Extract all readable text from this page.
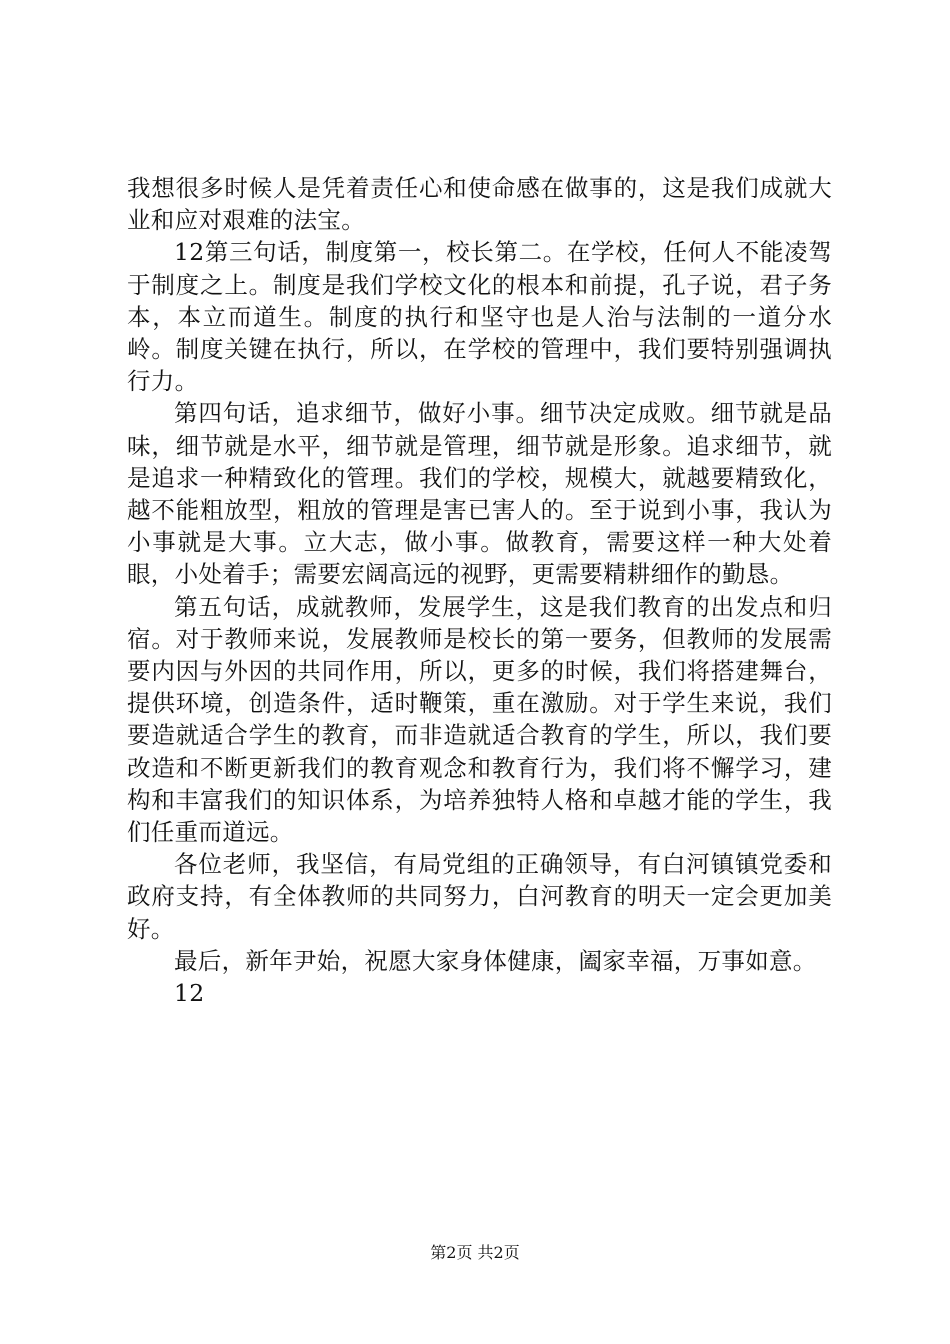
我想很多时候人是凭着责任心和使命感在做事的，这是我们成就大业和应对艰难的法宝。

12第三句话，制度第一，校长第二。在学校，任何人不能凌驾于制度之上。制度是我们学校文化的根本和前提，孔子说，君子务本，本立而道生。制度的执行和坚守也是人治与法制的一道分水岭。制度关键在执行，所以，在学校的管理中，我们要特别强调执行力。

第四句话，追求细节，做好小事。细节决定成败。细节就是品味，细节就是水平，细节就是管理，细节就是形象。追求细节，就是追求一种精致化的管理。我们的学校，规模大，就越要精致化，越不能粗放型，粗放的管理是害已害人的。至于说到小事，我认为小事就是大事。立大志，做小事。做教育，需要这样一种大处着眼，小处着手；需要宏阔高远的视野，更需要精耕细作的勤恳。

第五句话，成就教师，发展学生，这是我们教育的出发点和归宿。对于教师来说，发展教师是校长的第一要务，但教师的发展需要内因与外因的共同作用，所以，更多的时候，我们将搭建舞台，提供环境，创造条件，适时鞭策，重在激励。对于学生来说，我们要造就适合学生的教育，而非造就适合教育的学生，所以，我们要改造和不断更新我们的教育观念和教育行为，我们将不懈学习，建构和丰富我们的知识体系，为培养独特人格和卓越才能的学生，我们任重而道远。

各位老师，我坚信，有局党组的正确领导，有白河镇镇党委和政府支持，有全体教师的共同努力，白河教育的明天一定会更加美好。

最后，新年尹始，祝愿大家身体健康，阖家幸福，万事如意。

12

第2页 共2页
